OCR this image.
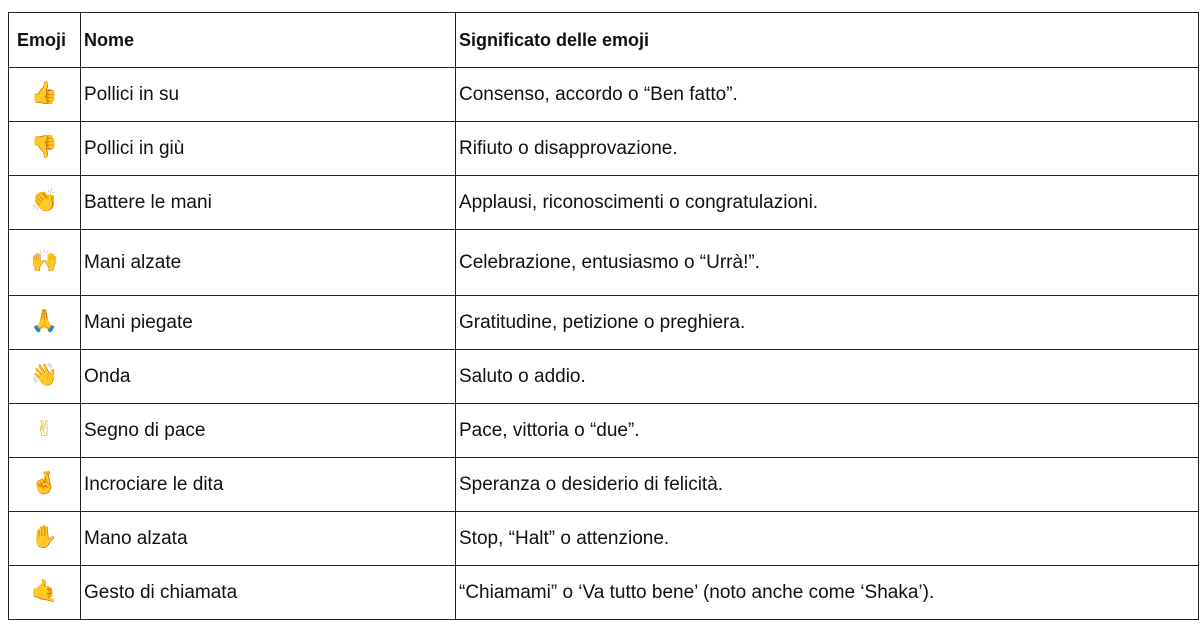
Emoji	Nome	Significato delle emoji
👍	Pollici in su	Consenso, accordo o “Ben fatto”.
👎	Pollici in giù	Rifiuto o disapprovazione.
👏	Battere le mani	Applausi, riconoscimenti o congratulazioni.
🙌	Mani alzate	Celebrazione, entusiasmo o “Urrà!”.
🙏	Mani piegate	Gratitudine, petizione o preghiera.
👋	Onda	Saluto o addio.
✌	Segno di pace	Pace, vittoria o “due”.
🤞	Incrociare le dita	Speranza o desiderio di felicità.
✋	Mano alzata	Stop, “Halt” o attenzione.
🤙	Gesto di chiamata	“Chiamami” o ‘Va tutto bene’ (noto anche come ‘Shaka’).
